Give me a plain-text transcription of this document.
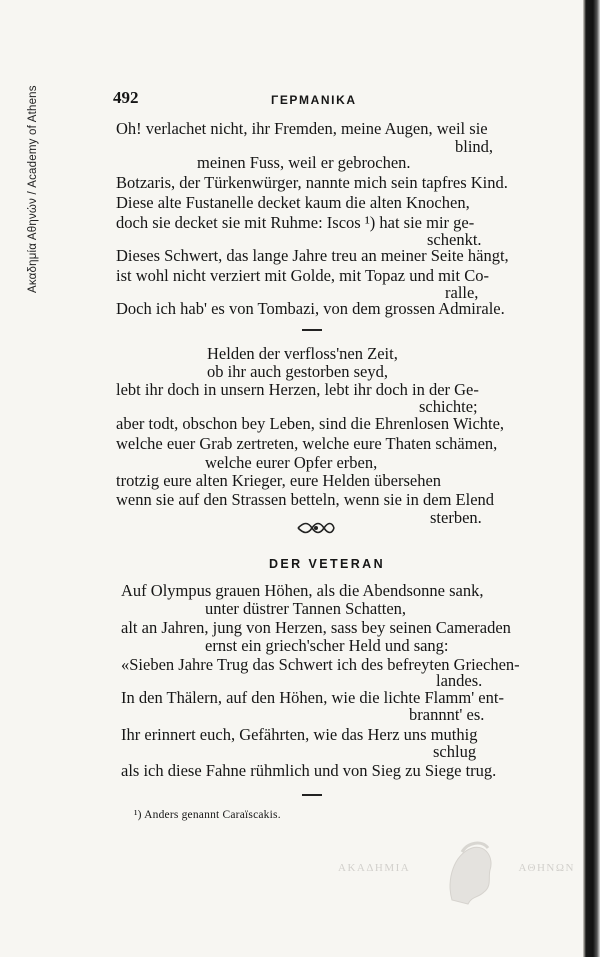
Ακαδημία Αθηνών / Academy of Athens	492	ΓΕΡΜΑΝΙΚΑ
Oh! verlachet nicht, ihr Fremden, meine Augen, weil sie
blind,
meinen Fuss, weil er gebrochen.
Botzaris, der Türkenwürger, nannte mich sein tapfres Kind.
Diese alte Fustanelle decket kaum die alten Knochen,
doch sie decket sie mit Ruhme: Iscos ¹) hat sie mir ge-
schenkt.
Dieses Schwert, das lange Jahre treu an meiner Seite hängt,
ist wohl nicht verziert mit Golde, mit Topaz und mit Co-
ralle,
Doch ich hab' es von Tombazi, von dem grossen Admirale.
Helden der verfloss'nen Zeit,
ob ihr auch gestorben seyd,
lebt ihr doch in unsern Herzen, lebt ihr doch in der Ge-
schichte;
aber todt, obschon bey Leben, sind die Ehrenlosen Wichte,
welche euer Grab zertreten, welche eure Thaten schämen,
welche eurer Opfer erben,
trotzig eure alten Krieger, eure Helden übersehen
wenn sie auf den Strassen betteln, wenn sie in dem Elend
sterben.
DER VETERAN
Auf Olympus grauen Höhen, als die Abendsonne sank,
unter düstrer Tannen Schatten,
alt an Jahren, jung von Herzen, sass bey seinen Cameraden
ernst ein griech'scher Held und sang:
«Sieben Jahre Trug das Schwert ich des befreyten Griechen-
landes.
In den Thälern, auf den Höhen, wie die lichte Flamm' ent-
brannnt' es.
Ihr erinnert euch, Gefährten, wie das Herz uns muthig
schlug
als ich diese Fahne rühmlich und von Sieg zu Siege trug.
¹) Anders genannt Caraïscakis.
ΑΚΑΔΗΜΙΑ	ΑΘΗΝΩΝ
